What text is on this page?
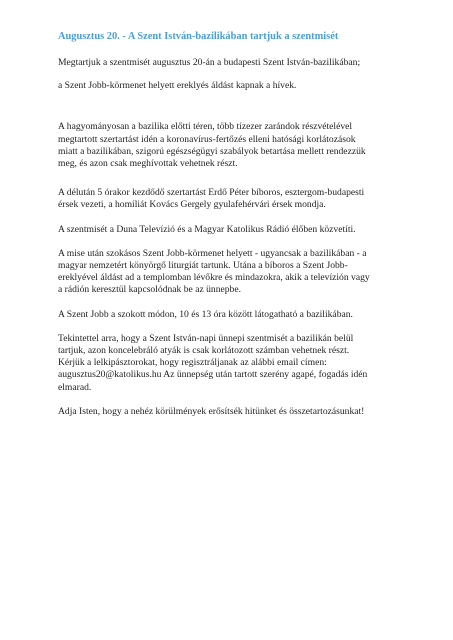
Augusztus 20. - A Szent István-bazilikában tartjuk a szentmisét

Megtartjuk a szentmisét augusztus 20-án a budapesti Szent István-bazilikában;

a Szent Jobb-körmenet helyett ereklyés áldást kapnak a hívek.

A hagyományosan a bazilika előtti téren, több tízezer zarándok részvételével
megtartott szertartást idén a koronavírus-fertőzés elleni hatósági korlátozások
miatt a bazilikában, szigorú egészségügyi szabályok betartása mellett rendezzük
meg, és azon csak meghívottak vehetnek részt.

A délután 5 órakor kezdődő szertartást Erdő Péter bíboros, esztergom-budapesti
érsek vezeti, a homíliát Kovács Gergely gyulafehérvári érsek mondja.

A szentmisét a Duna Televízió és a Magyar Katolikus Rádió élőben közvetíti.

A mise után szokásos Szent Jobb-körmenet helyett - ugyancsak a bazilikában - a
magyar nemzetért könyörgő liturgiát tartunk. Utána a bíboros a Szent Jobb-
ereklyével áldást ad a templomban lévőkre és mindazokra, akik a televízión vagy
a rádión keresztül kapcsolódnak be az ünnepbe.

A Szent Jobb a szokott módon, 10 és 13 óra között látogatható a bazilikában.

Tekintettel arra, hogy a Szent István-napi ünnepi szentmisét a bazilikán belül
tartjuk, azon koncelebráló atyák is csak korlátozott számban vehetnek részt.
Kérjük a lelkipásztorokat, hogy regisztráljanak az alábbi email címen:
augusztus20@katolikus.hu Az ünnepség után tartott szerény agapé, fogadás idén
elmarad.

Adja Isten, hogy a nehéz körülmények erősítsék hitünket és összetartozásunkat!
